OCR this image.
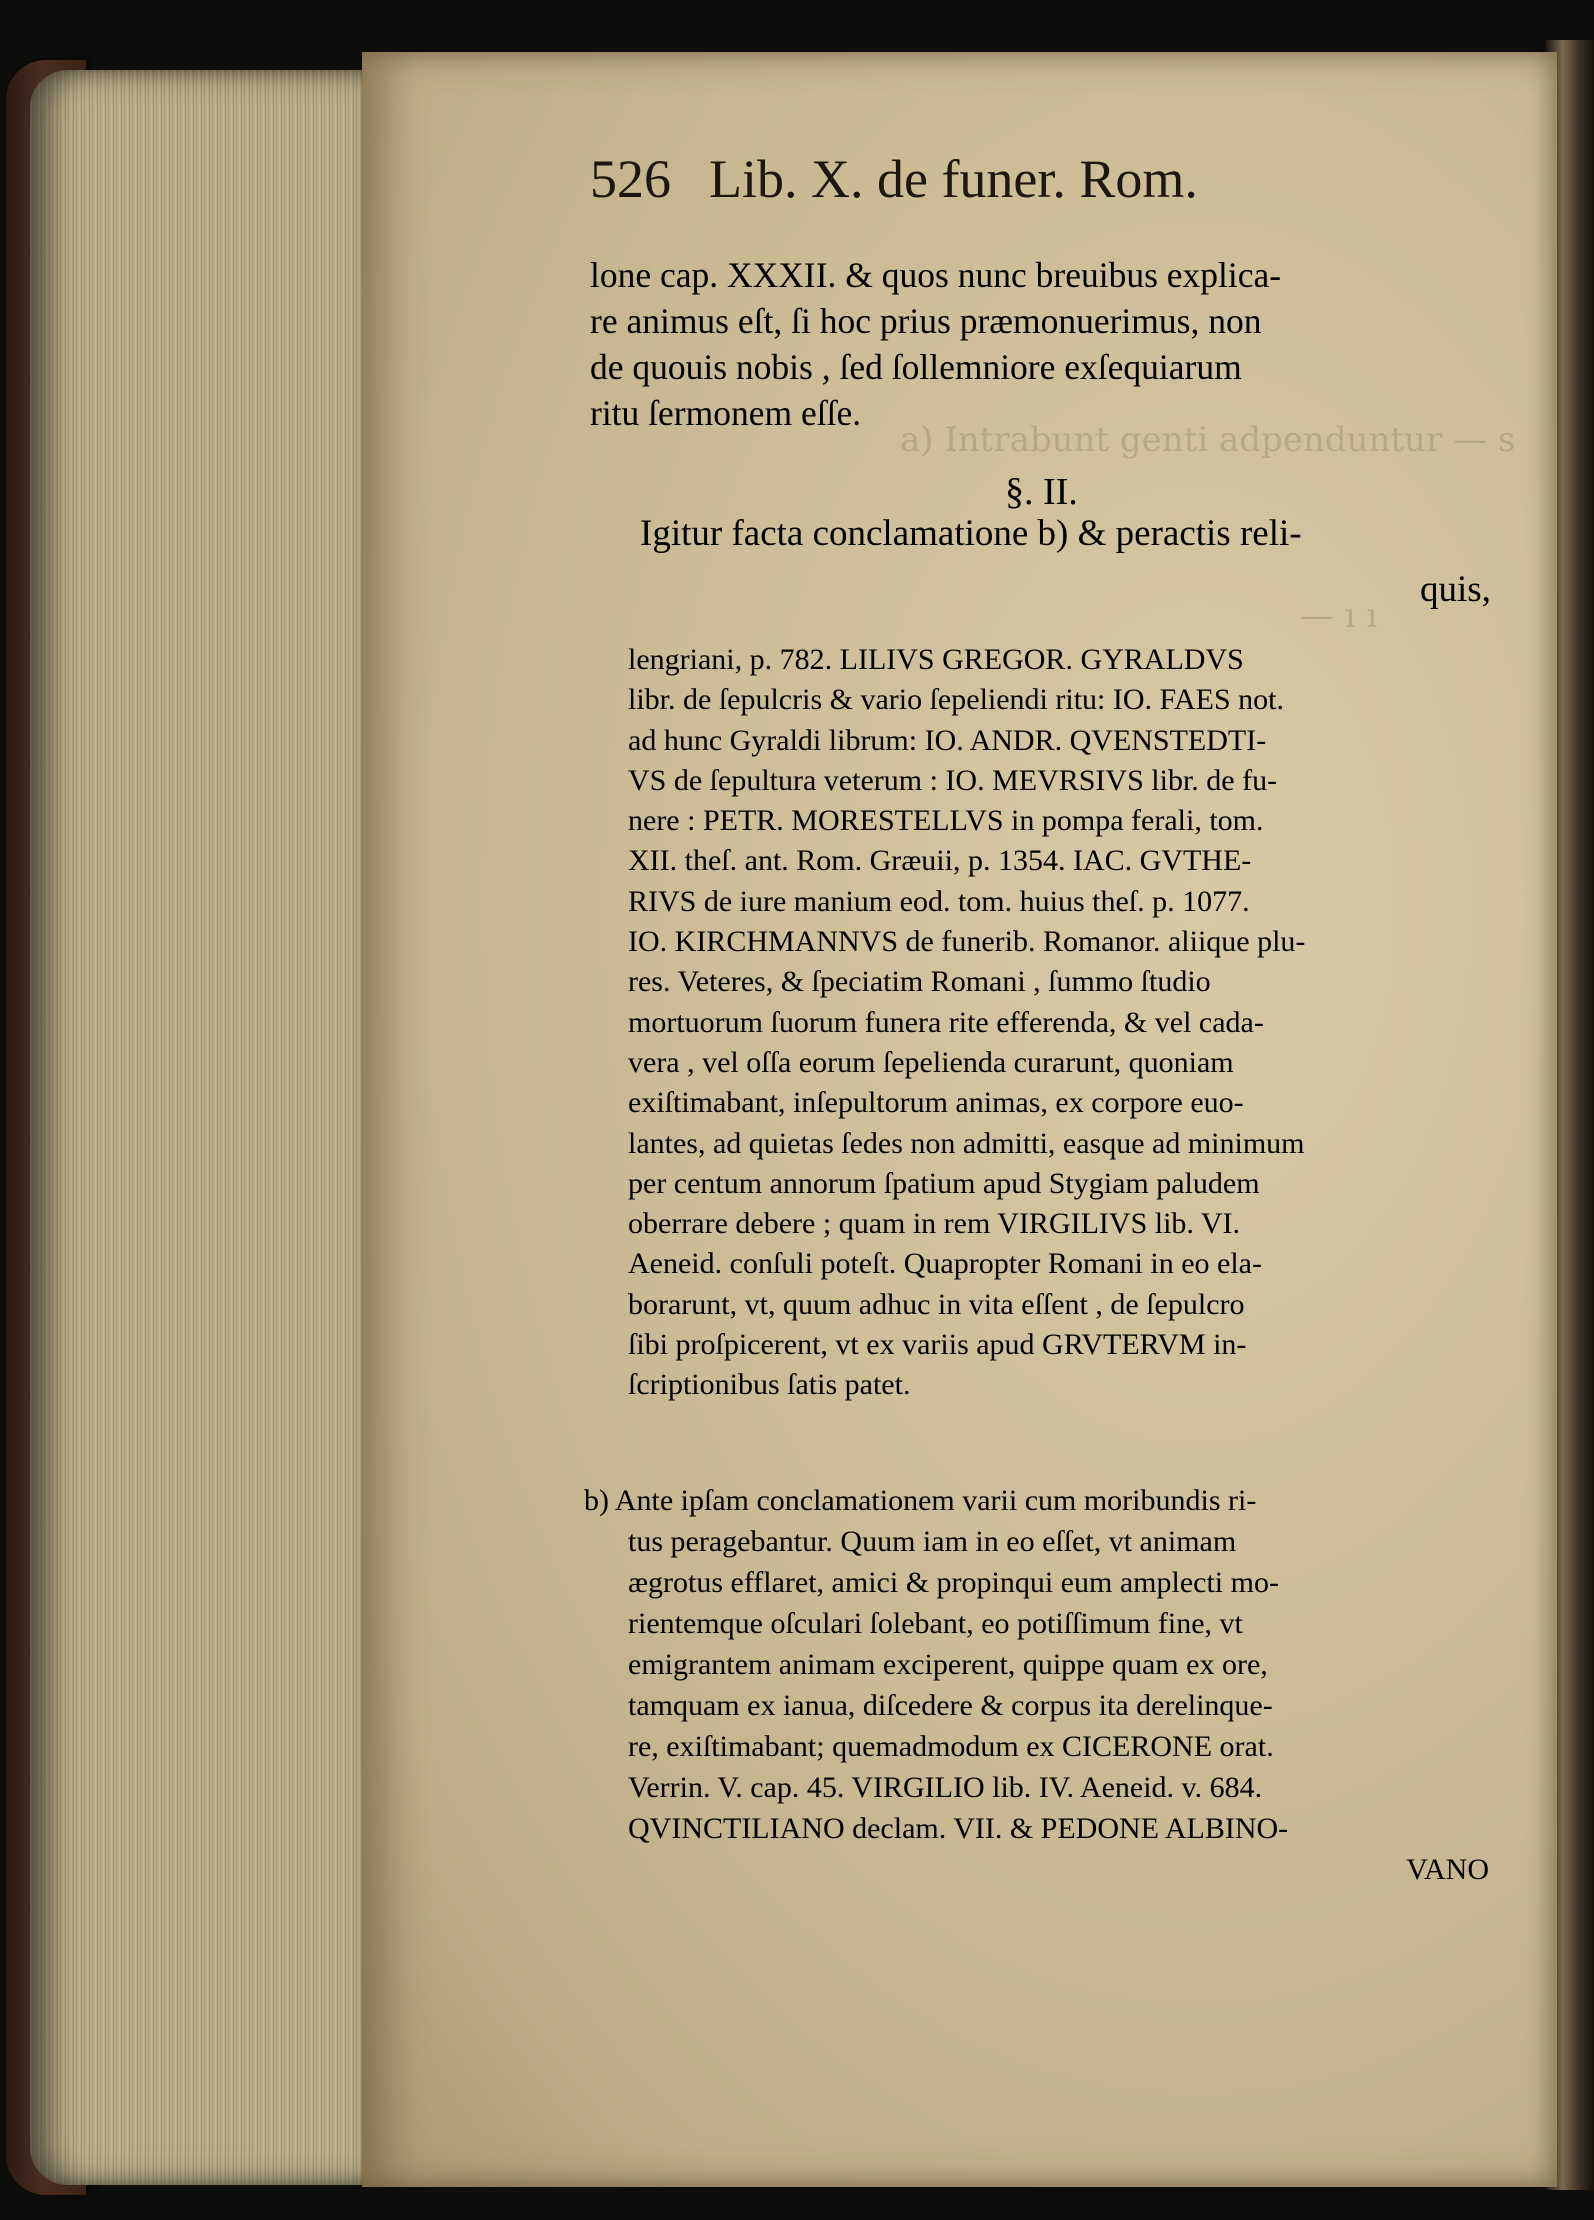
a) Intrabunt genti adpenduntur — s
— ı ı
526 Lib. X. de funer. Rom.
lone cap. XXXII. & quos nunc breuibus explica-
re animus eſt, ſi hoc prius præmonuerimus, non
de quouis nobis , ſed ſollemniore exſequiarum
ritu ſermonem eſſe.
§. II.
Igitur facta conclamatione b) & peractis reli-
quis,
lengriani, p. 782. LILIVS GREGOR. GYRALDVS
libr. de ſepulcris & vario ſepeliendi ritu: IO. FAES not.
ad hunc Gyraldi librum: IO. ANDR. QVENSTEDTI-
VS de ſepultura veterum : IO. MEVRSIVS libr. de fu-
nere : PETR. MORESTELLVS in pompa ferali, tom.
XII. theſ. ant. Rom. Græuii, p. 1354. IAC. GVTHE-
RIVS de iure manium eod. tom. huius theſ. p. 1077.
IO. KIRCHMANNVS de funerib. Romanor. aliique plu-
res. Veteres, & ſpeciatim Romani , ſummo ſtudio
mortuorum ſuorum funera rite efferenda, & vel cada-
vera , vel oſſa eorum ſepelienda curarunt, quoniam
exiſtimabant, inſepultorum animas, ex corpore euo-
lantes, ad quietas ſedes non admitti, easque ad minimum
per centum annorum ſpatium apud Stygiam paludem
oberrare debere ; quam in rem VIRGILIVS lib. VI.
Aeneid. conſuli poteſt. Quapropter Romani in eo ela-
borarunt, vt, quum adhuc in vita eſſent , de ſepulcro
ſibi proſpicerent, vt ex variis apud GRVTERVM in-
ſcriptionibus ſatis patet.
b) Ante ipſam conclamationem varii cum moribundis ri-
tus peragebantur. Quum iam in eo eſſet, vt animam
ægrotus efflaret, amici & propinqui eum amplecti mo-
rientemque oſculari ſolebant, eo potiſſimum fine, vt
emigrantem animam exciperent, quippe quam ex ore,
tamquam ex ianua, diſcedere & corpus ita derelinque-
re, exiſtimabant; quemadmodum ex CICERONE orat.
Verrin. V. cap. 45. VIRGILIO lib. IV. Aeneid. v. 684.
QVINCTILIANO declam. VII. & PEDONE ALBINO-
VANO
